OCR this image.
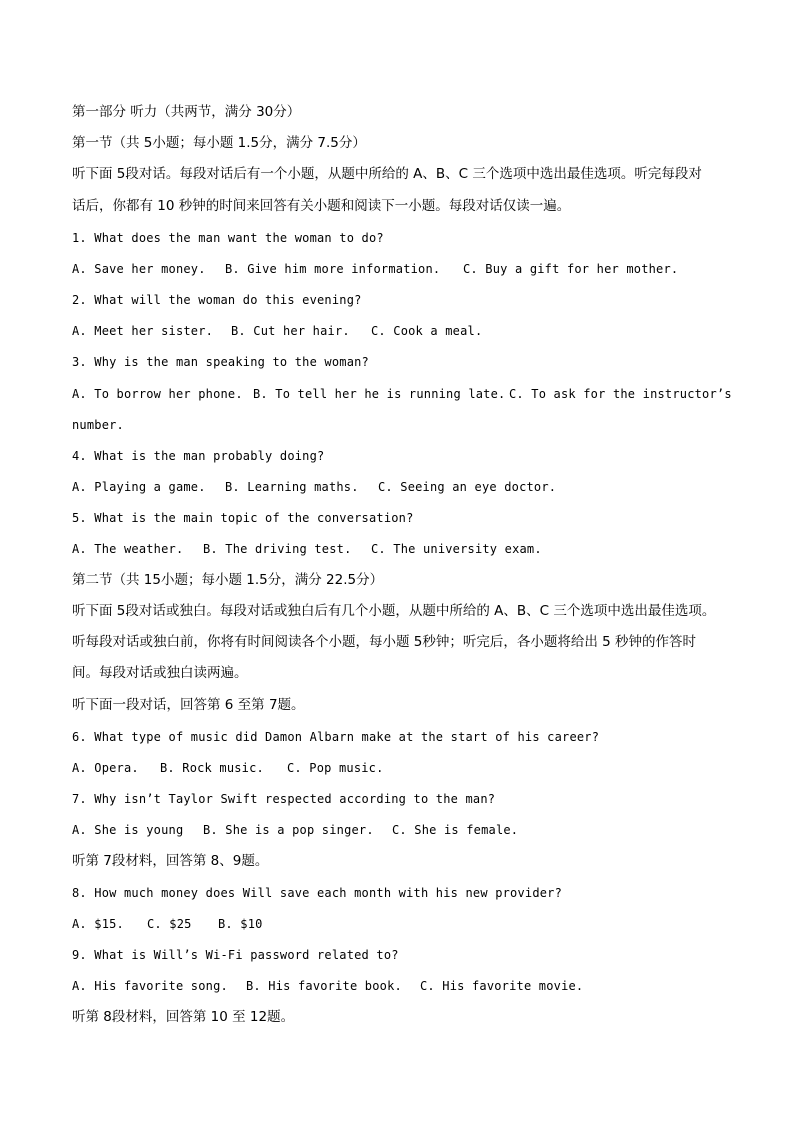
第一部分 听力（共两节，满分 30分）
第一节（共 5小题；每小题 1.5分，满分 7.5分）
听下面 5段对话。每段对话后有一个小题，从题中所给的 A、B、C 三个选项中选出最佳选项。听完每段对
话后，你都有 10 秒钟的时间来回答有关小题和阅读下一小题。每段对话仅读一遍。
1. What does the man want the woman to do?
A. Save her money. B. Give him more information. C. Buy a gift for her mother.
2. What will the woman do this evening?
A. Meet her sister. B. Cut her hair. C. Cook a meal.
3. Why is the man speaking to the woman?
A. To borrow her phone. B. To tell her he is running late. C. To ask for the instructor’s
number.
4. What is the man probably doing?
A. Playing a game. B. Learning maths. C. Seeing an eye doctor.
5. What is the main topic of the conversation?
A. The weather. B. The driving test. C. The university exam.
第二节（共 15小题；每小题 1.5分，满分 22.5分）
听下面 5段对话或独白。每段对话或独白后有几个小题，从题中所给的 A、B、C 三个选项中选出最佳选项。
听每段对话或独白前，你将有时间阅读各个小题，每小题 5秒钟；听完后，各小题将给出 5 秒钟的作答时
间。每段对话或独白读两遍。
听下面一段对话，回答第 6 至第 7题。
6. What type of music did Damon Albarn make at the start of his career?
A. Opera. B. Rock music. C. Pop music.
7. Why isn’t Taylor Swift respected according to the man?
A. She is young B. She is a pop singer. C. She is female.
听第 7段材料，回答第 8、9题。
8. How much money does Will save each month with his new provider?
A. $15. C. $25 B. $10
9. What is Will’s Wi-Fi password related to?
A. His favorite song. B. His favorite book. C. His favorite movie.
听第 8段材料，回答第 10 至 12题。
